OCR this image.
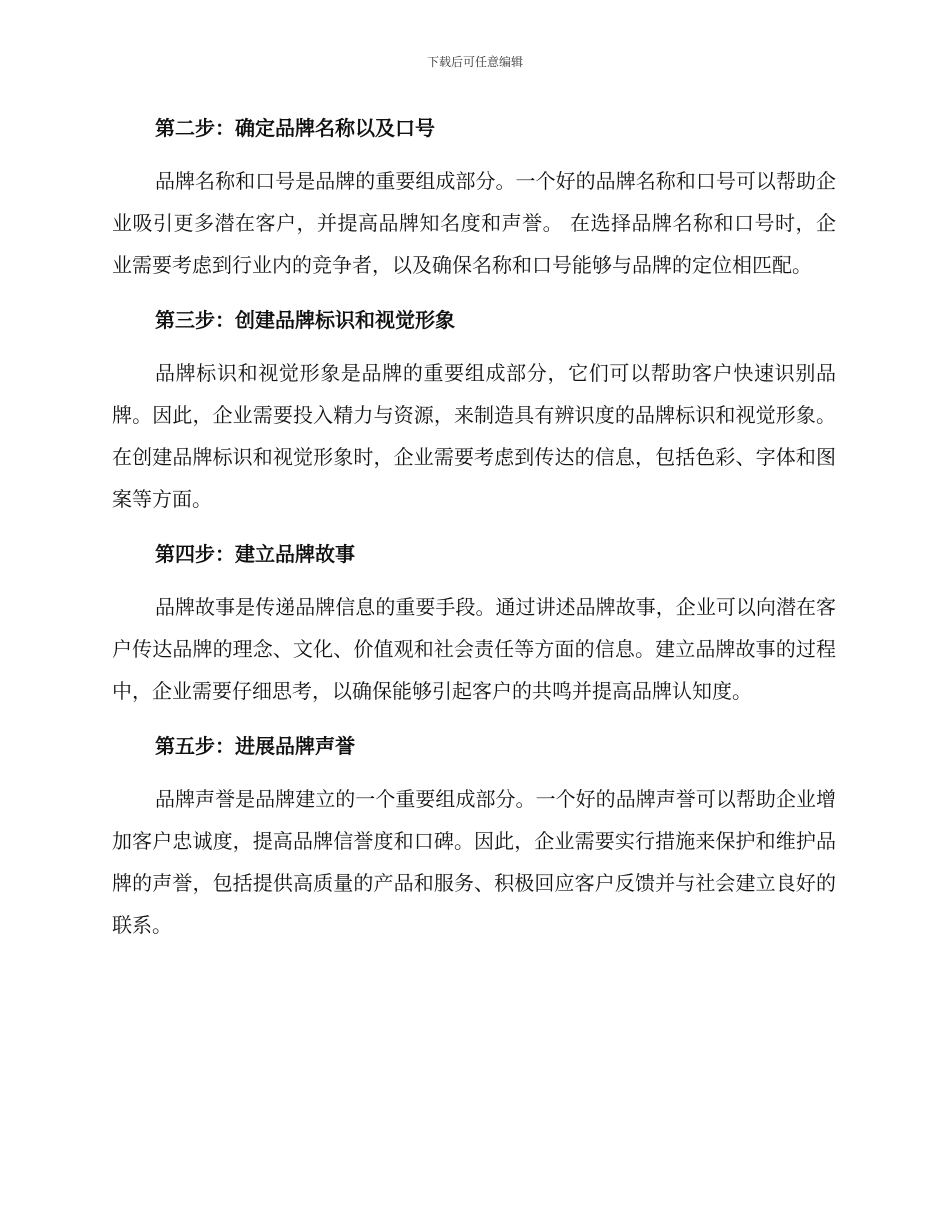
下载后可任意编辑
第二步：确定品牌名称以及口号

品牌名称和口号是品牌的重要组成部分。一个好的品牌名称和口号可以帮助企业吸引更多潜在客户，并提高品牌知名度和声誉。 在选择品牌名称和口号时，企业需要考虑到行业内的竞争者，以及确保名称和口号能够与品牌的定位相匹配。

第三步：创建品牌标识和视觉形象

品牌标识和视觉形象是品牌的重要组成部分，它们可以帮助客户快速识别品牌。因此，企业需要投入精力与资源，来制造具有辨识度的品牌标识和视觉形象。 在创建品牌标识和视觉形象时，企业需要考虑到传达的信息，包括色彩、字体和图案等方面。

第四步：建立品牌故事

品牌故事是传递品牌信息的重要手段。通过讲述品牌故事，企业可以向潜在客户传达品牌的理念、文化、价值观和社会责任等方面的信息。建立品牌故事的过程中，企业需要仔细思考，以确保能够引起客户的共鸣并提高品牌认知度。

第五步：进展品牌声誉

品牌声誉是品牌建立的一个重要组成部分。一个好的品牌声誉可以帮助企业增加客户忠诚度，提高品牌信誉度和口碑。因此，企业需要实行措施来保护和维护品牌的声誉，包括提供高质量的产品和服务、积极回应客户反馈并与社会建立良好的联系。
